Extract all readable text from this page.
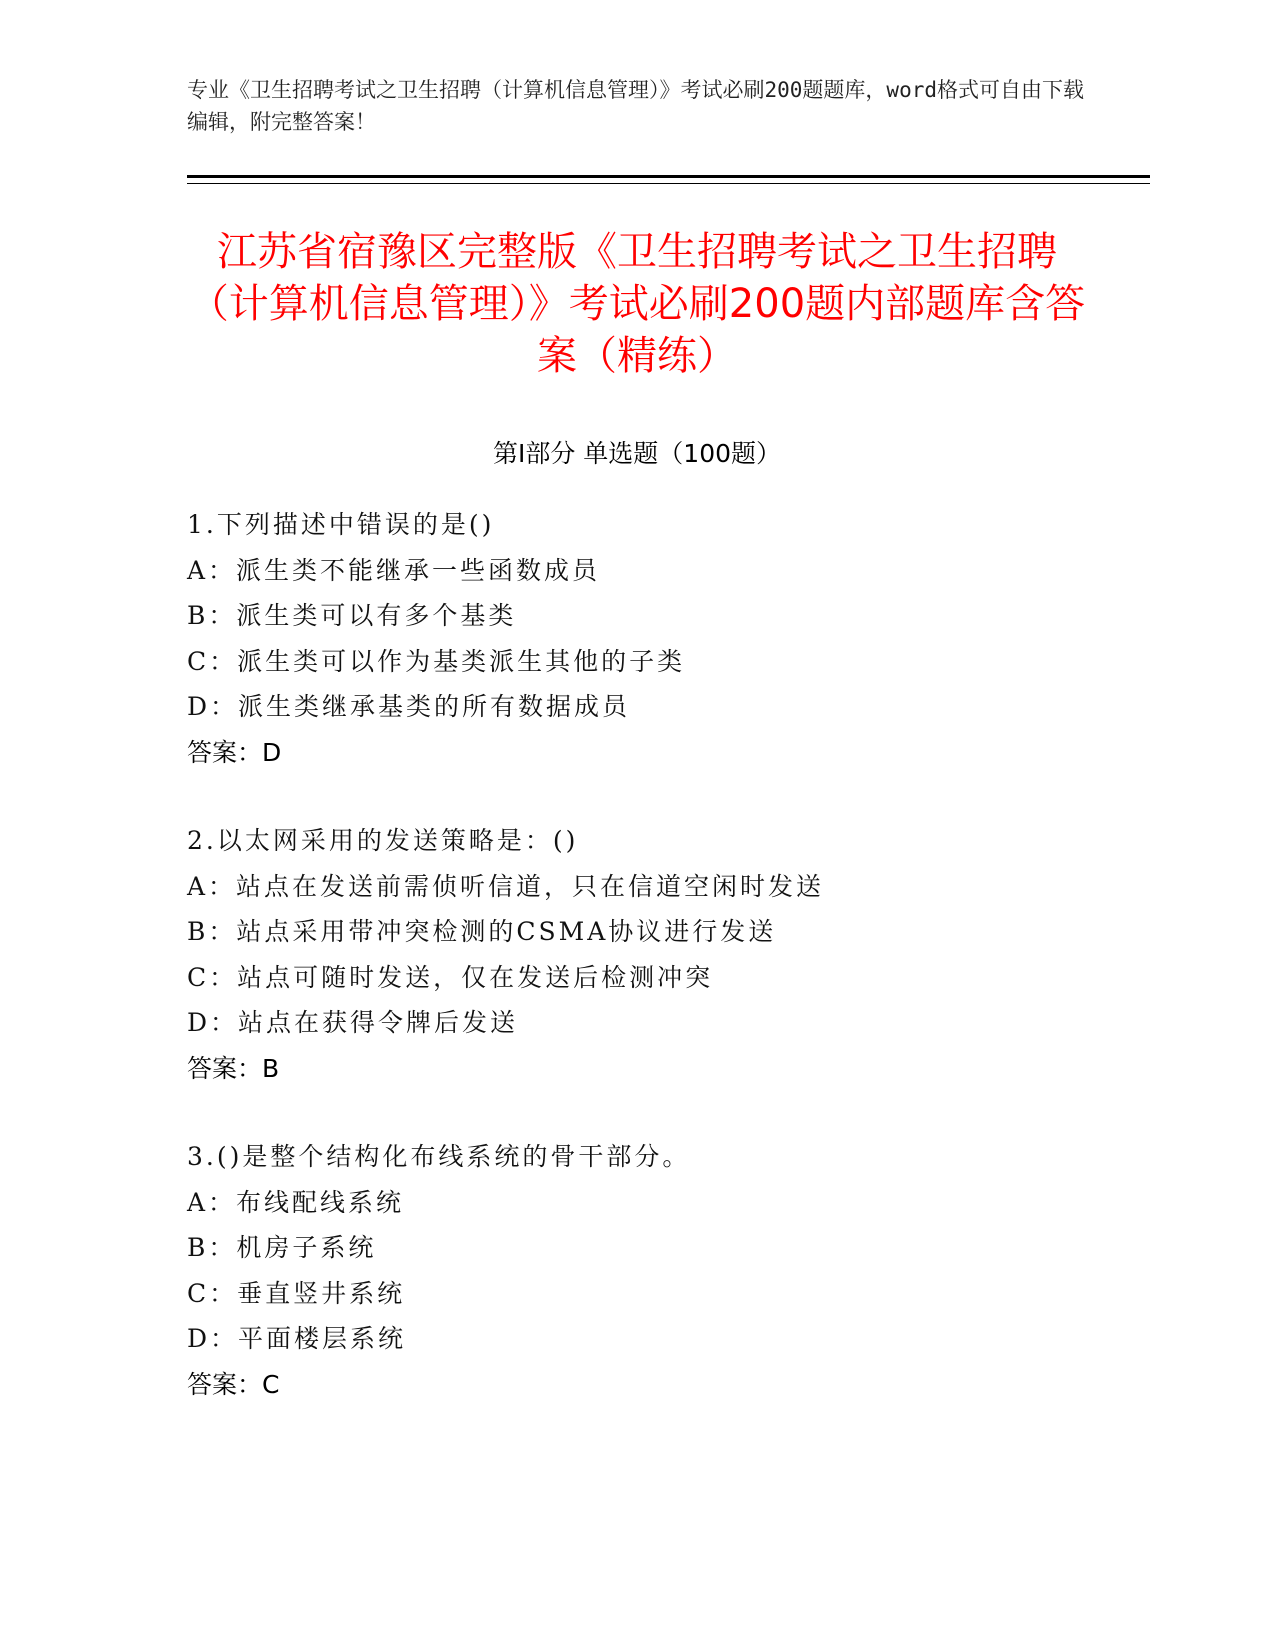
专业《卫生招聘考试之卫生招聘（计算机信息管理）》考试必刷200题题库，word格式可自由下载编辑，附完整答案！
江苏省宿豫区完整版《卫生招聘考试之卫生招聘（计算机信息管理）》考试必刷200题内部题库含答案（精练）
第I部分 单选题（100题）
1.下列描述中错误的是()
A：派生类不能继承一些函数成员
B：派生类可以有多个基类
C：派生类可以作为基类派生其他的子类
D：派生类继承基类的所有数据成员
答案：D
2.以太网采用的发送策略是：()
A：站点在发送前需侦听信道，只在信道空闲时发送
B：站点采用带冲突检测的CSMA协议进行发送
C：站点可随时发送，仅在发送后检测冲突
D：站点在获得令牌后发送
答案：B
3.()是整个结构化布线系统的骨干部分。
A：布线配线系统
B：机房子系统
C：垂直竖井系统
D：平面楼层系统
答案：C
